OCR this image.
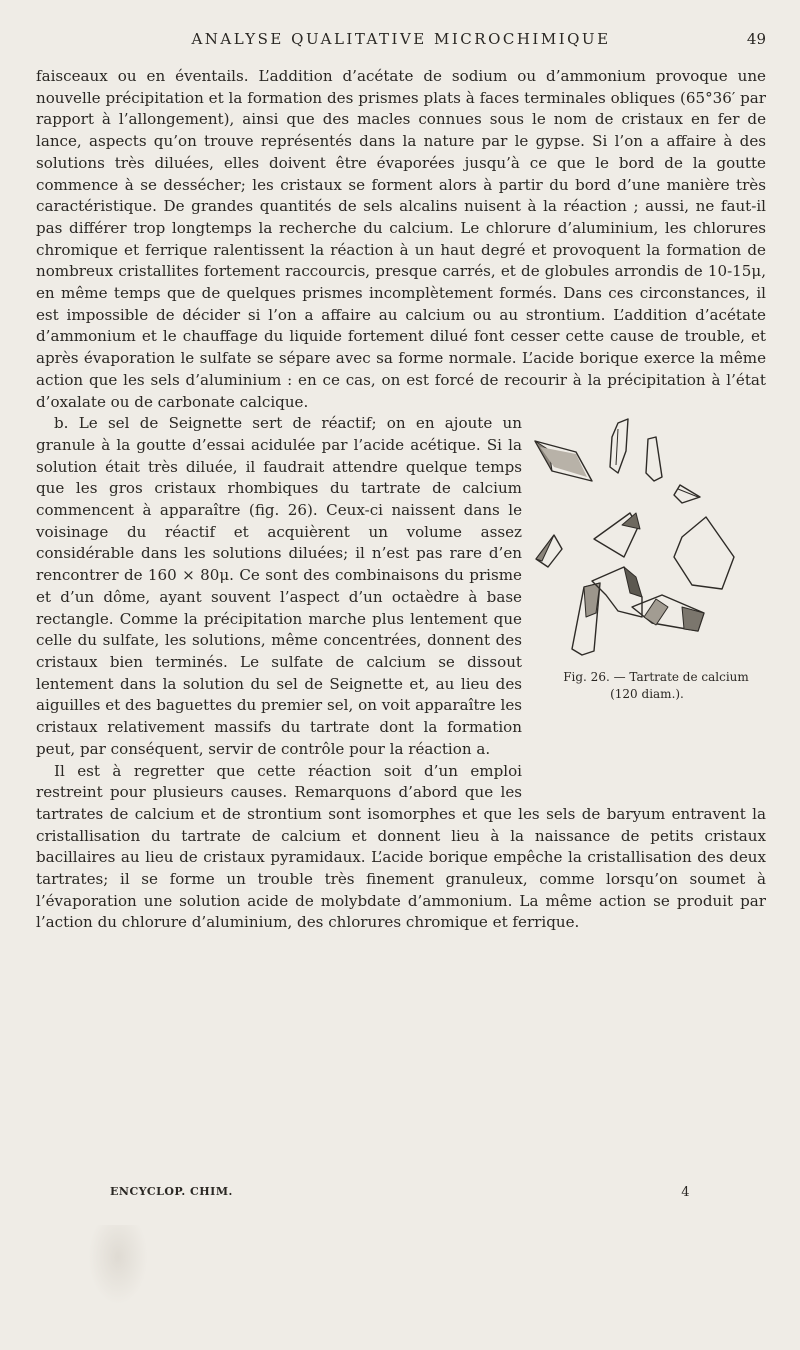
ANALYSE QUALITATIVE MICROCHIMIQUE	49

faisceaux ou en éventails. L’addition d’acétate de sodium ou d’ammonium provoque une nouvelle précipitation et la formation des prismes plats à faces terminales obliques (65°36′ par rapport à l’allongement), ainsi que des macles connues sous le nom de cristaux en fer de lance, aspects qu’on trouve représentés dans la nature par le gypse. Si l’on a affaire à des solutions très diluées, elles doivent être évaporées jusqu’à ce que le bord de la goutte commence à se dessécher; les cristaux se forment alors à partir du bord d’une manière très caractéristique. De grandes quantités de sels alcalins nuisent à la réaction ; aussi, ne faut-il pas différer trop longtemps la recherche du calcium. Le chlorure d’aluminium, les chlorures chromique et ferrique ralentissent la réaction à un haut degré et provoquent la formation de nombreux cristallites fortement raccourcis, presque carrés, et de globules arrondis de 10-15μ, en même temps que de quelques prismes incomplètement formés. Dans ces circonstances, il est impossible de décider si l’on a affaire au calcium ou au strontium. L’addition d’acétate d’ammonium et le chauffage du liquide fortement dilué font cesser cette cause de trouble, et après évaporation le sulfate se sépare avec sa forme normale. L’acide borique exerce la même action que les sels d’aluminium : en ce cas, on est forcé de recourir à la précipitation à l’état d’oxalate ou de carbonate calcique.

Fig. 26. — Tartrate de calcium (120 diam.).
b. Le sel de Seignette sert de réactif; on en ajoute un granule à la goutte d’essai acidulée par l’acide acétique. Si la solution était très diluée, il faudrait attendre quelque temps que les gros cristaux rhombiques du tartrate de calcium commencent à apparaître (fig. 26). Ceux-ci naissent dans le voisinage du réactif et acquièrent un volume assez considérable dans les solutions diluées; il n’est pas rare d’en rencontrer de 160 × 80μ. Ce sont des combinaisons du prisme et d’un dôme, ayant souvent l’aspect d’un octaèdre à base rectangle. Comme la précipitation marche plus lentement que celle du sulfate, les solutions, même concentrées, donnent des cristaux bien terminés. Le sulfate de calcium se dissout lentement dans la solution du sel de Seignette et, au lieu des aiguilles et des baguettes du premier sel, on voit apparaître les cristaux relativement massifs du tartrate dont la formation peut, par conséquent, servir de contrôle pour la réaction a.

Il est à regretter que cette réaction soit d’un emploi restreint pour plusieurs causes. Remarquons d’abord que les tartrates de calcium et de strontium sont isomorphes et que les sels de baryum entravent la cristallisation du tartrate de calcium et donnent lieu à la naissance de petits cristaux bacillaires au lieu de cristaux pyramidaux. L’acide borique empêche la cristallisation des deux tartrates; il se forme un trouble très finement granuleux, comme lorsqu’on soumet à l’évaporation une solution acide de molybdate d’ammonium. La même action se produit par l’action du chlorure d’aluminium, des chlorures chromique et ferrique.

ENCYCLOP. CHIM.	4
